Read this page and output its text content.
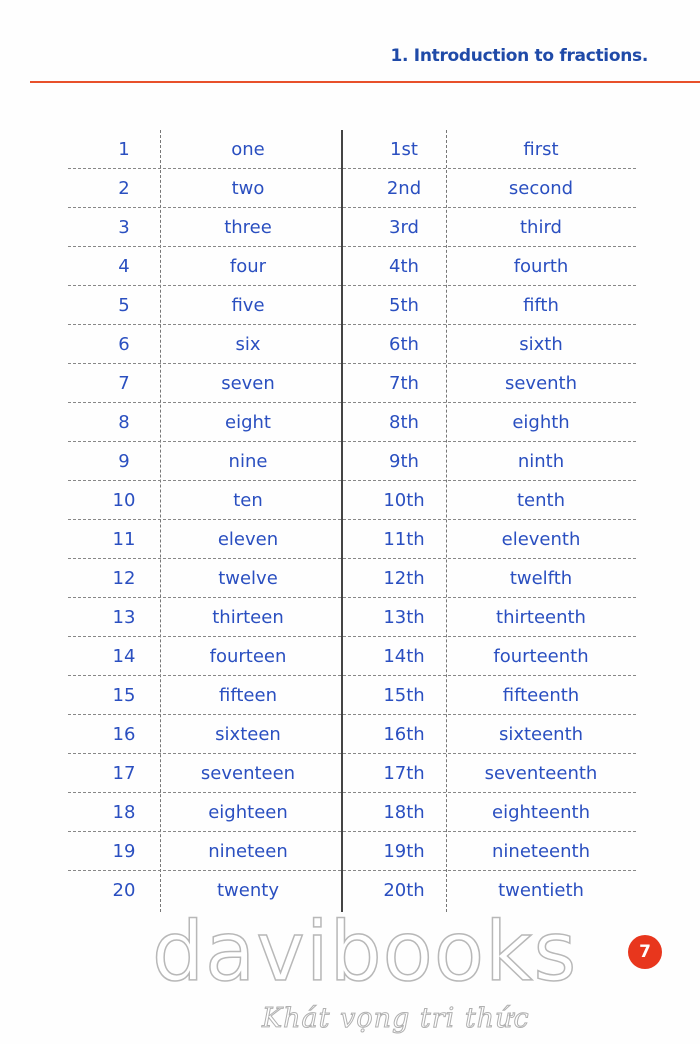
1. Introduction to fractions.
1	one	1st	first
2	two	2nd	second
3	three	3rd	third
4	four	4th	fourth
5	five	5th	fifth
6	six	6th	sixth
7	seven	7th	seventh
8	eight	8th	eighth
9	nine	9th	ninth
10	ten	10th	tenth
11	eleven	11th	eleventh
12	twelve	12th	twelfth
13	thirteen	13th	thirteenth
14	fourteen	14th	fourteenth
15	fifteen	15th	fifteenth
16	sixteen	16th	sixteenth
17	seventeen	17th	seventeenth
18	eighteen	18th	eighteenth
19	nineteen	19th	nineteenth
20	twenty	20th	twentieth
davibooks
Khát vọng tri thức
7
